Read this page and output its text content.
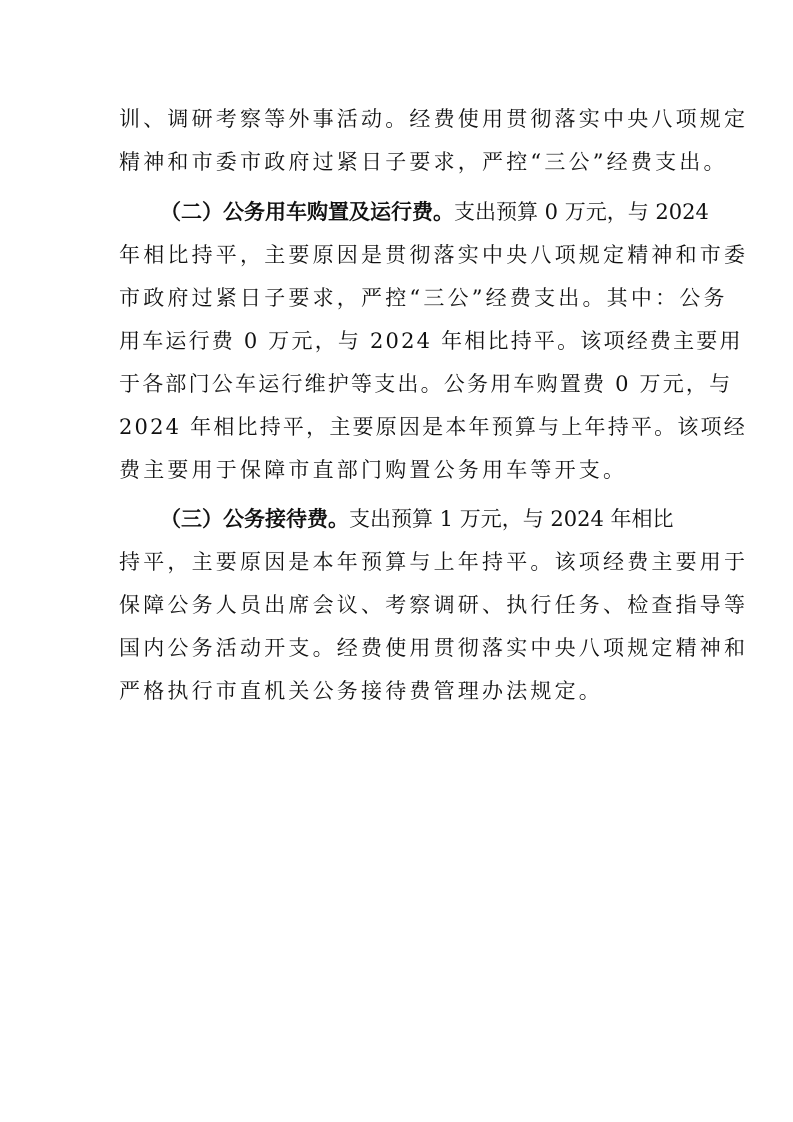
训、调研考察等外事活动。经费使用贯彻落实中央八项规定
精神和市委市政府过紧日子要求，严控“三公”经费支出。
（二）公务用车购置及运行费。支出预算 0 万元，与 2024
年相比持平，主要原因是贯彻落实中央八项规定精神和市委
市政府过紧日子要求，严控“三公”经费支出。其中：公务
用车运行费 0 万元，与 2024 年相比持平。该项经费主要用
于各部门公车运行维护等支出。公务用车购置费 0 万元，与
2024 年相比持平，主要原因是本年预算与上年持平。该项经
费主要用于保障市直部门购置公务用车等开支。
（三）公务接待费。支出预算 1 万元，与 2024 年相比
持平，主要原因是本年预算与上年持平。该项经费主要用于
保障公务人员出席会议、考察调研、执行任务、检查指导等
国内公务活动开支。经费使用贯彻落实中央八项规定精神和
严格执行市直机关公务接待费管理办法规定。
